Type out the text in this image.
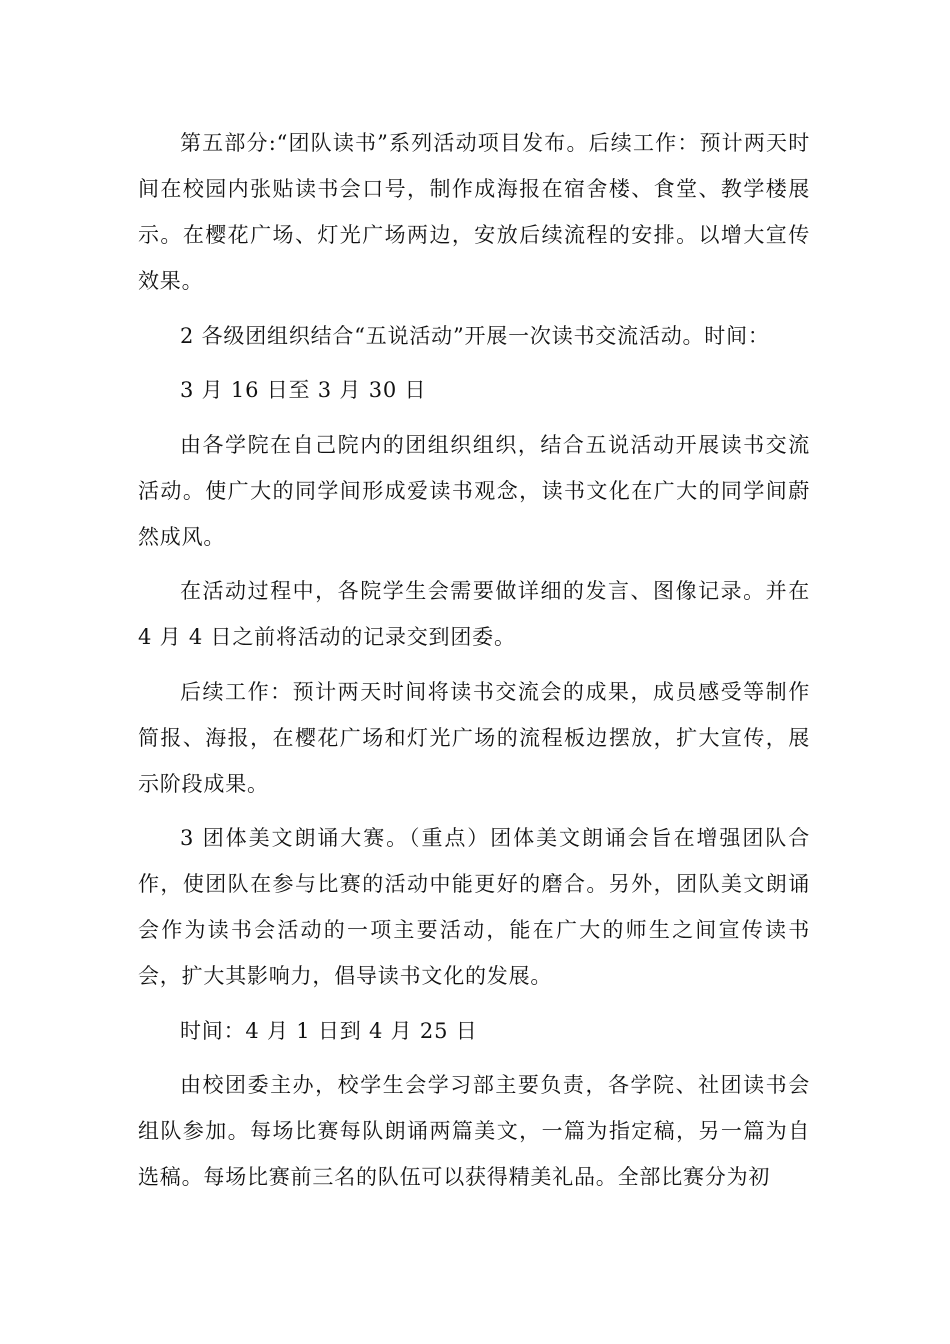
第五部分:“团队读书”系列活动项目发布。后续工作：预计两天时间在校园内张贴读书会口号，制作成海报在宿舍楼、食堂、教学楼展示。在樱花广场、灯光广场两边，安放后续流程的安排。以增大宣传效果。

2 各级团组织结合“五说活动”开展一次读书交流活动。时间：

3 月 16 日至 3 月 30 日

由各学院在自己院内的团组织组织，结合五说活动开展读书交流活动。使广大的同学间形成爱读书观念，读书文化在广大的同学间蔚然成风。

在活动过程中，各院学生会需要做详细的发言、图像记录。并在 4 月 4 日之前将活动的记录交到团委。

后续工作：预计两天时间将读书交流会的成果，成员感受等制作简报、海报，在樱花广场和灯光广场的流程板边摆放，扩大宣传，展示阶段成果。

3 团体美文朗诵大赛。（重点）团体美文朗诵会旨在增强团队合作，使团队在参与比赛的活动中能更好的磨合。另外，团队美文朗诵会作为读书会活动的一项主要活动，能在广大的师生之间宣传读书会，扩大其影响力，倡导读书文化的发展。

时间：4 月 1 日到 4 月 25 日

由校团委主办，校学生会学习部主要负责，各学院、社团读书会组队参加。每场比赛每队朗诵两篇美文，一篇为指定稿，另一篇为自选稿。每场比赛前三名的队伍可以获得精美礼品。全部比赛分为初
